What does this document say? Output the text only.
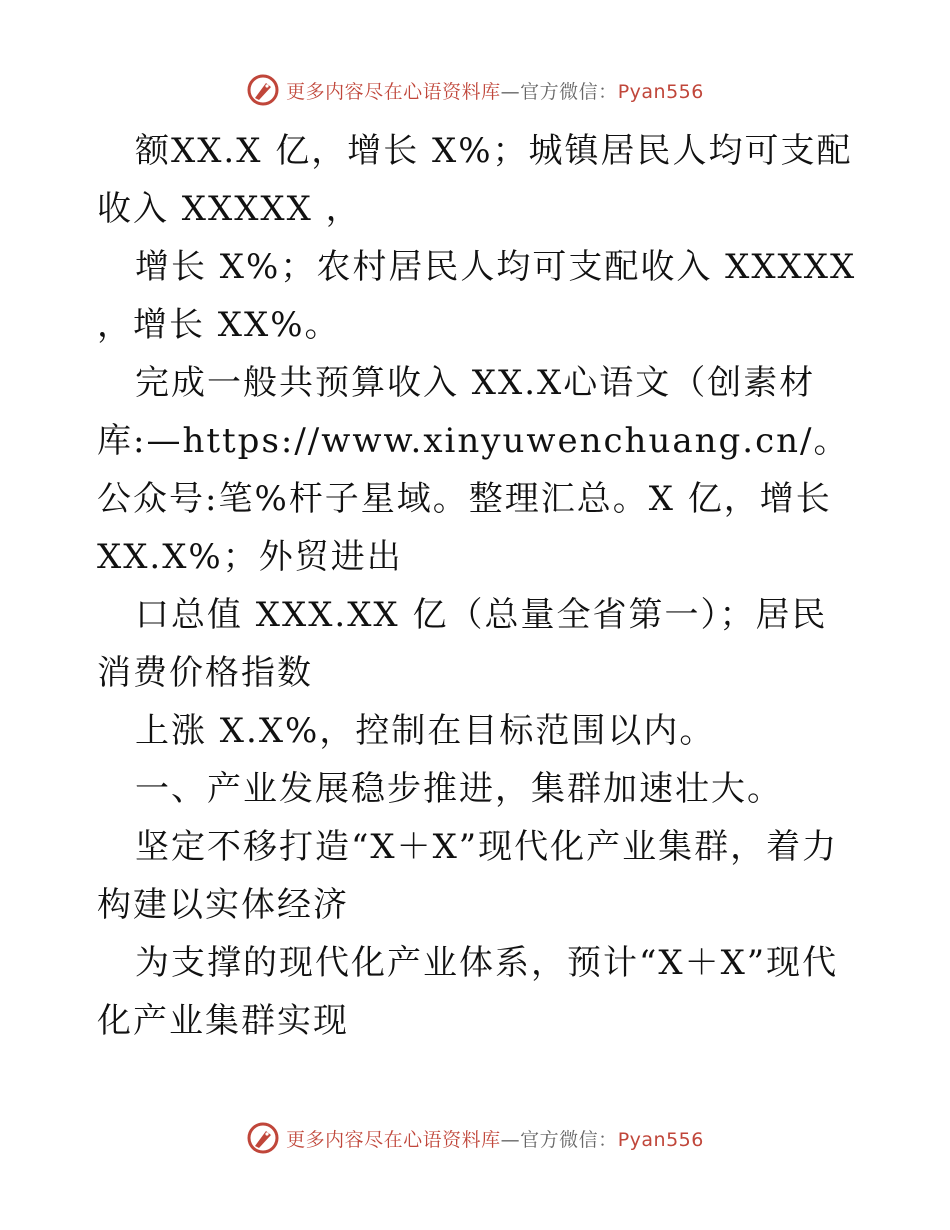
更多内容尽在心语资料库—官方微信：Pyan556

额XX.X 亿，增长 X%；城镇居民人均可支配收入 XXXXX ，

增长 X%；农村居民人均可支配收入 XXXXX ，增长 XX%。

完成一般共预算收入 XX.X心语文（创素材库:—https://www.xinyuwenchuang.cn/。公众号:笔%杆子星域。整理汇总。X 亿，增长 XX.X%；外贸进出

口总值 XXX.XX 亿（总量全省第一）；居民消费价格指数

上涨 X.X%，控制在目标范围以内。

一、产业发展稳步推进，集群加速壮大。

坚定不移打造“X＋X”现代化产业集群，着力构建以实体经济

为支撑的现代化产业体系，预计“X＋X”现代化产业集群实现

更多内容尽在心语资料库—官方微信：Pyan556
